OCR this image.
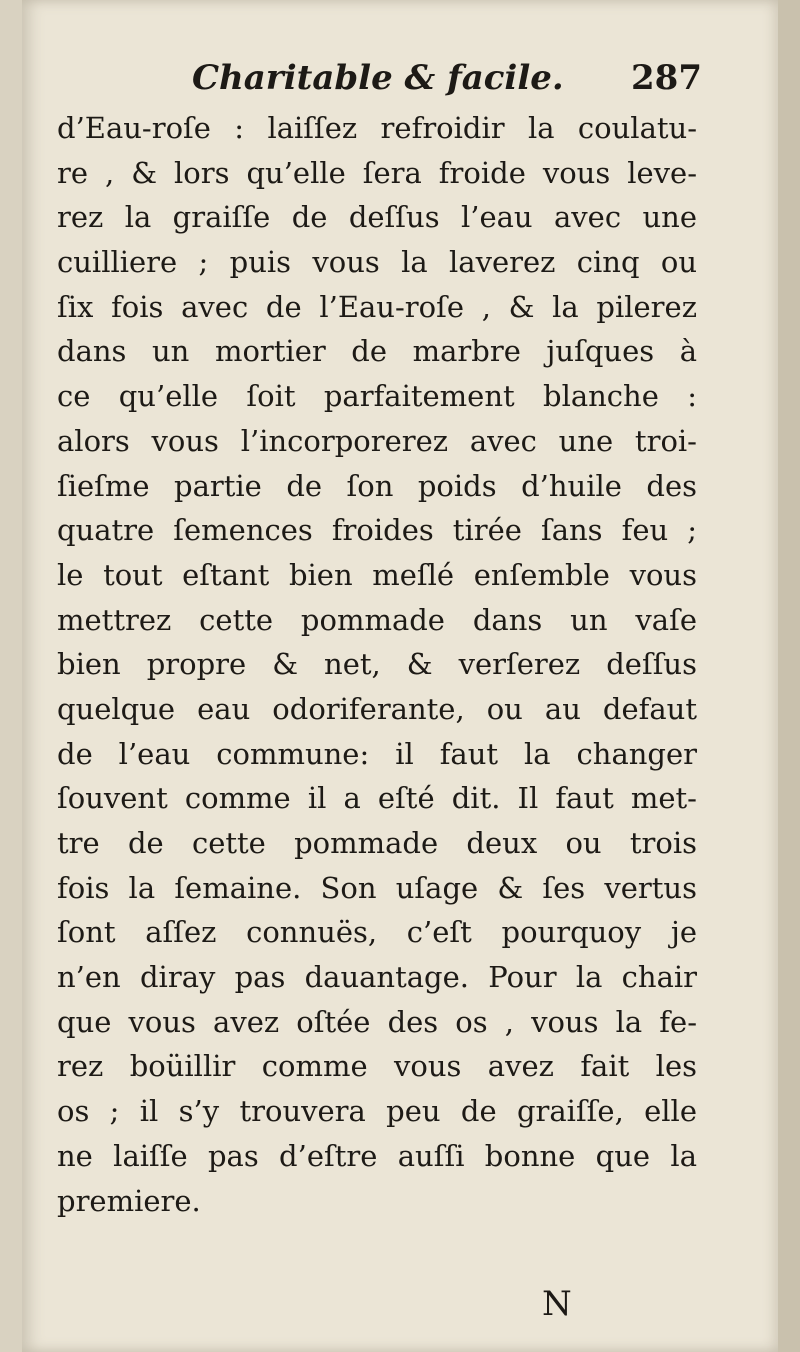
Charitable & facile. 287
d’Eau-roſe : laiſſez refroidir la coulatu-
re , & lors qu’elle ſera froide vous leve-
rez la graiſſe de deſſus l’eau avec une
cuilliere ; puis vous la laverez cinq ou
ſix fois avec de l’Eau-roſe , & la pilerez
dans un mortier de marbre juſques à
ce qu’elle ſoit parfaitement blanche :
alors vous l’incorporerez avec une troi-
ſieſme partie de ſon poids d’huile des
quatre ſemences froides tirée ſans feu ;
le tout eſtant bien meſlé enſemble vous
mettrez cette pommade dans un vaſe
bien propre & net, & verſerez deſſus
quelque eau odoriferante, ou au defaut
de l’eau commune: il faut la changer
ſouvent comme il a eſté dit. Il faut met-
tre de cette pommade deux ou trois
fois la ſemaine. Son uſage & ſes vertus
ſont aſſez connuës, c’eſt pourquoy je
n’en diray pas dauantage. Pour la chair
que vous avez oſtée des os , vous la fe-
rez boüillir comme vous avez fait les
os ; il s’y trouvera peu de graiſſe, elle
ne laiſſe pas d’eſtre auſſi bonne que la
premiere.
N
